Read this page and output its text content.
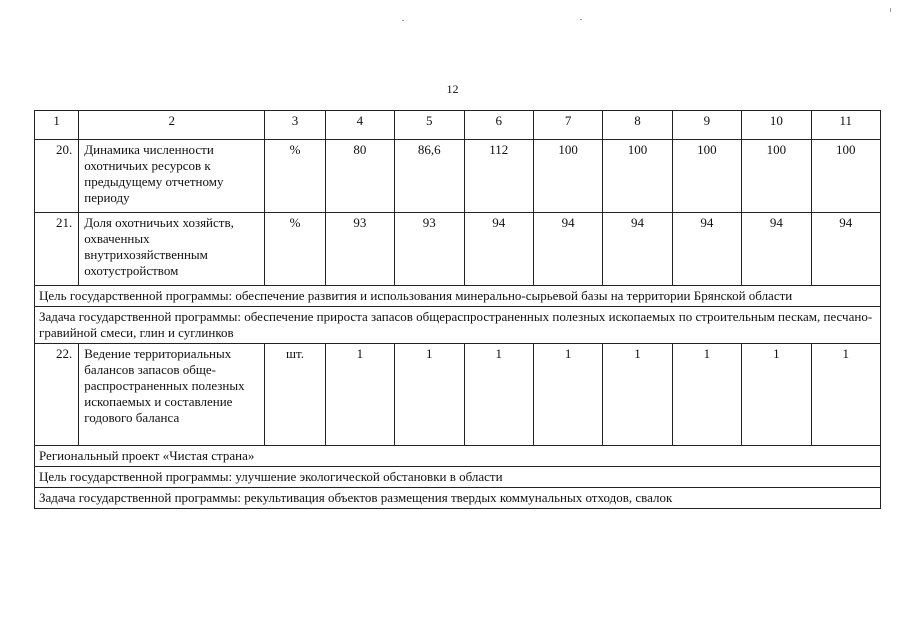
12
1	2	3	4	5	6	7	8	9	10	11
20.	Динамика численности охотничьих ресурсов к предыдущему отчетному периоду	%	80	86,6	112	100	100	100	100	100
21.	Доля охотничьих хозяйств, охваченных внутрихозяйственным охотустройством	%	93	93	94	94	94	94	94	94
Цель государственной программы: обеспечение развития и использования минерально-сырьевой базы на территории Брянской области										
Задача государственной программы: обеспечение прироста запасов общераспространенных полезных ископаемых по строительным пескам, песчано-гравийной смеси, глин и суглинков										
22.	Ведение территориальных балансов запасов обще-распространенных полезных ископаемых и составление годового баланса	шт.	1	1	1	1	1	1	1	1
Региональный проект «Чистая страна»										
Цель государственной программы: улучшение экологической обстановки в области										
Задача государственной программы: рекультивация объектов размещения твердых коммунальных отходов, свалок										
